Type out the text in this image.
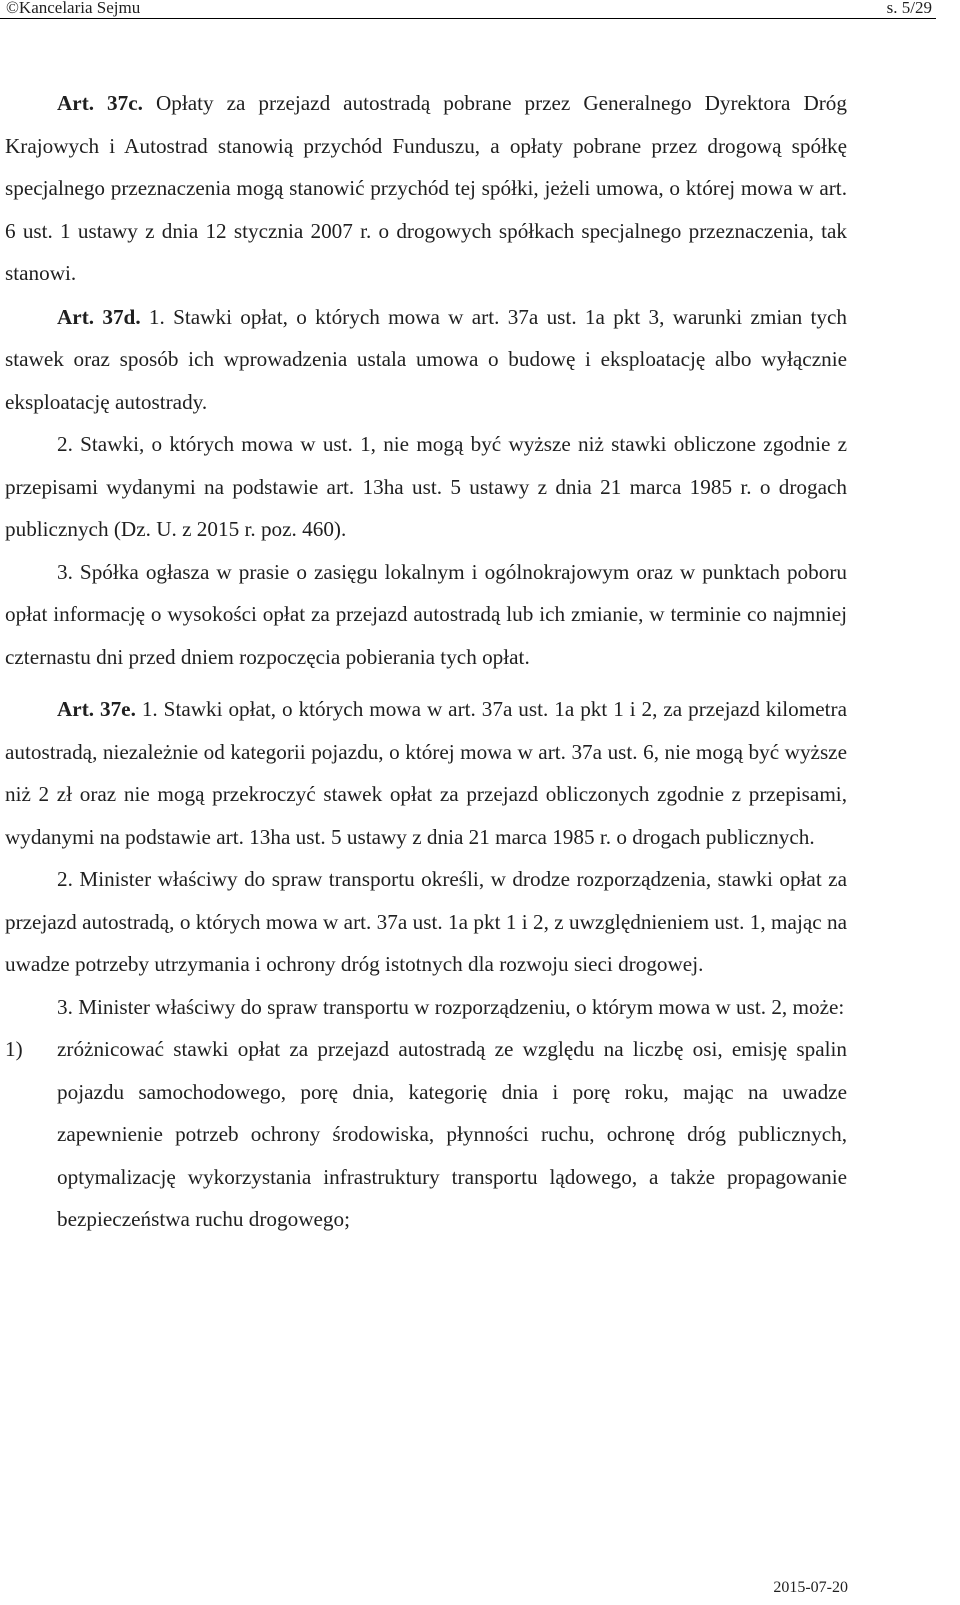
©Kancelaria Sejmu	s. 5/29

Art. 37c. Opłaty za przejazd autostradą pobrane przez Generalnego Dyrektora Dróg Krajowych i Autostrad stanowią przychód Funduszu, a opłaty pobrane przez drogową spółkę specjalnego przeznaczenia mogą stanowić przychód tej spółki, jeżeli umowa, o której mowa w art. 6 ust. 1 ustawy z dnia 12 stycznia 2007 r. o drogowych spółkach specjalnego przeznaczenia, tak stanowi.

Art. 37d. 1. Stawki opłat, o których mowa w art. 37a ust. 1a pkt 3, warunki zmian tych stawek oraz sposób ich wprowadzenia ustala umowa o budowę i eksploatację albo wyłącznie eksploatację autostrady.

2. Stawki, o których mowa w ust. 1, nie mogą być wyższe niż stawki obliczone zgodnie z przepisami wydanymi na podstawie art. 13ha ust. 5 ustawy z dnia 21 marca 1985 r. o drogach publicznych (Dz. U. z 2015 r. poz. 460).

3. Spółka ogłasza w prasie o zasięgu lokalnym i ogólnokrajowym oraz w punktach poboru opłat informację o wysokości opłat za przejazd autostradą lub ich zmianie, w terminie co najmniej czternastu dni przed dniem rozpoczęcia pobierania tych opłat.

Art. 37e. 1. Stawki opłat, o których mowa w art. 37a ust. 1a pkt 1 i 2, za przejazd kilometra autostradą, niezależnie od kategorii pojazdu, o której mowa w art. 37a ust. 6, nie mogą być wyższe niż 2 zł oraz nie mogą przekroczyć stawek opłat za przejazd obliczonych zgodnie z przepisami, wydanymi na podstawie art. 13ha ust. 5 ustawy z dnia 21 marca 1985 r. o drogach publicznych.

2. Minister właściwy do spraw transportu określi, w drodze rozporządzenia, stawki opłat za przejazd autostradą, o których mowa w art. 37a ust. 1a pkt 1 i 2, z uwzględnieniem ust. 1, mając na uwadze potrzeby utrzymania i ochrony dróg istotnych dla rozwoju sieci drogowej.

3. Minister właściwy do spraw transportu w rozporządzeniu, o którym mowa w ust. 2, może:

1) zróżnicować stawki opłat za przejazd autostradą ze względu na liczbę osi, emisję spalin pojazdu samochodowego, porę dnia, kategorię dnia i porę roku, mając na uwadze zapewnienie potrzeb ochrony środowiska, płynności ruchu, ochronę dróg publicznych, optymalizację wykorzystania infrastruktury transportu lądowego, a także propagowanie bezpieczeństwa ruchu drogowego;

2015-07-20
